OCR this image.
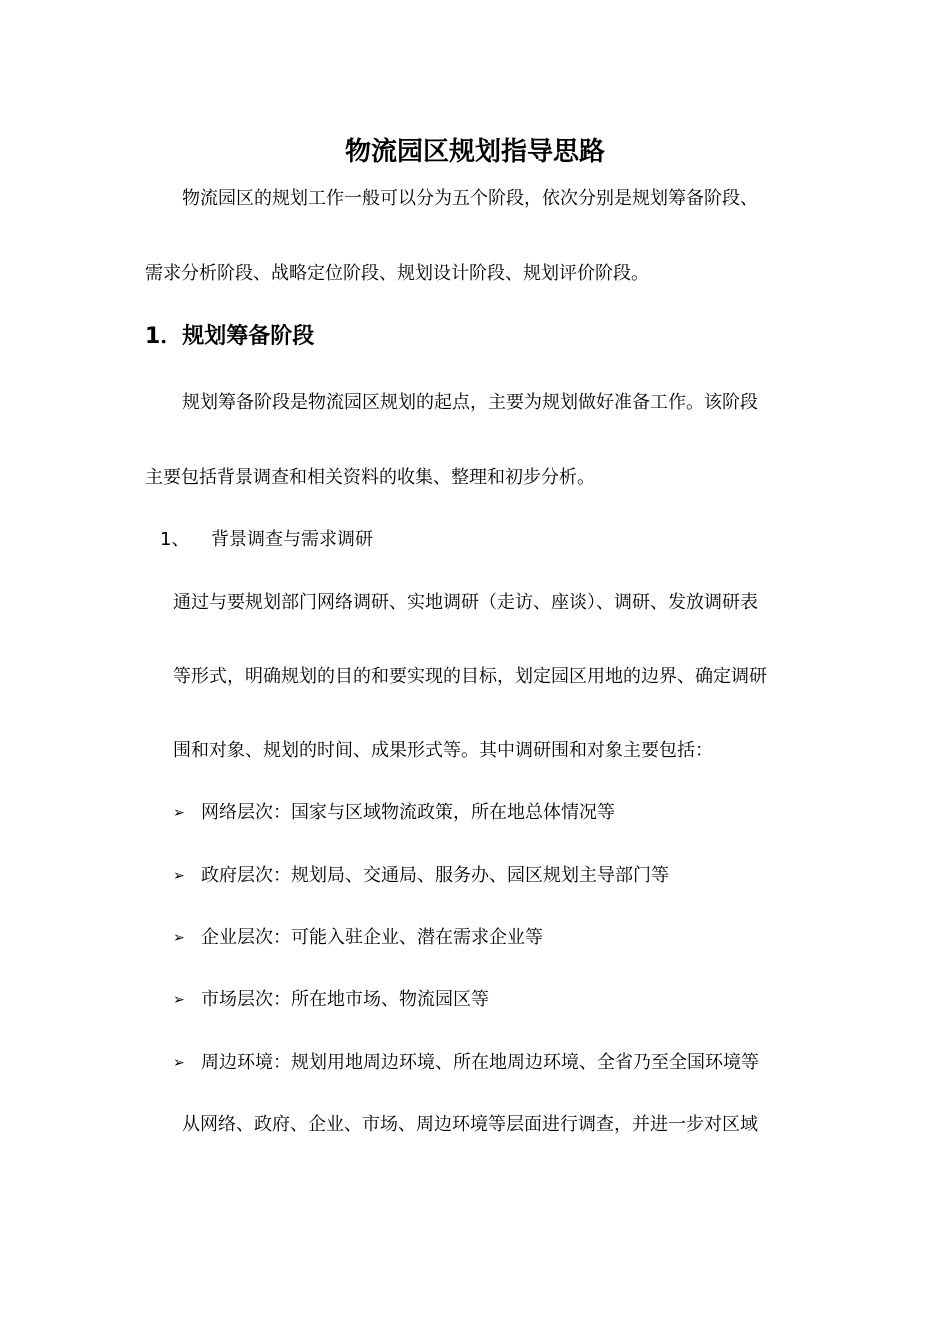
物流园区规划指导思路
物流园区的规划工作一般可以分为五个阶段，依次分别是规划筹备阶段、
需求分析阶段、战略定位阶段、规划设计阶段、规划评价阶段。
1．规划筹备阶段
规划筹备阶段是物流园区规划的起点，主要为规划做好准备工作。该阶段
主要包括背景调查和相关资料的收集、整理和初步分析。
1、 背景调查与需求调研
通过与要规划部门网络调研、实地调研（走访、座谈）、调研、发放调研表
等形式，明确规划的目的和要实现的目标，划定园区用地的边界、确定调研
围和对象、规划的时间、成果形式等。其中调研围和对象主要包括：
➢ 网络层次：国家与区域物流政策，所在地总体情况等
➢ 政府层次：规划局、交通局、服务办、园区规划主导部门等
➢ 企业层次：可能入驻企业、潜在需求企业等
➢ 市场层次：所在地市场、物流园区等
➢ 周边环境：规划用地周边环境、所在地周边环境、全省乃至全国环境等
从网络、政府、企业、市场、周边环境等层面进行调查，并进一步对区域
